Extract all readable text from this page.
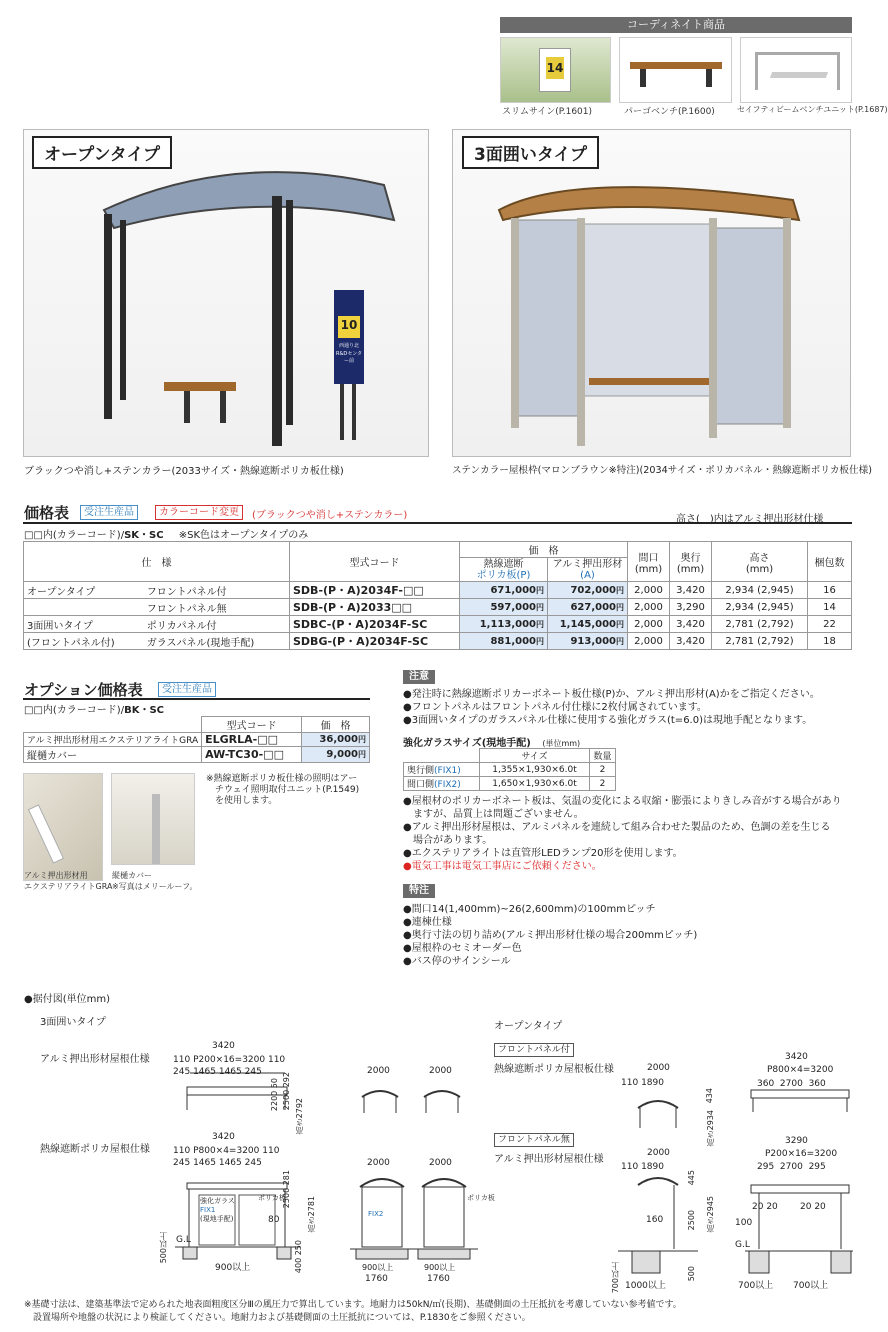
コーディネイト商品
14
スリムサイン(P.1601)	パーゴベンチ(P.1600)	セイフティビームベンチユニット(P.1687)
10
西通り北
R&Dセンター前
オープンタイプ
ブラックつや消し+ステンカラー(2033サイズ・熱線遮断ポリカ板仕様)
3面囲いタイプ
ステンカラー屋根枠(マロンブラウン※特注)(2034サイズ・ポリカパネル・熱線遮断ポリカ板仕様)
価格表	受注生産品	カラーコード変更	(ブラックつや消し+ステンカラー)	高さ(　)内はアルミ押出形材仕様
□□内(カラーコード)/SK・SC ※SK色はオープンタイプのみ
仕　様		型式コード	価　格		間口
(mm)	奥行
(mm)	高さ
(mm)	梱包数
			熱線遮断
ポリカ板(P)	アルミ押出形材
(A)				
オープンタイプ	フロントパネル付	SDB-(P・A)2034F-□□	671,000円	702,000円	2,000	3,420	2,934 (2,945)	16
	フロントパネル無	SDB-(P・A)2033□□	597,000円	627,000円	2,000	3,290	2,934 (2,945)	14
3面囲いタイプ	ポリカパネル付	SDBC-(P・A)2034F-SC	1,113,000円	1,145,000円	2,000	3,420	2,781 (2,792)	22
(フロントパネル付)	ガラスパネル(現地手配)	SDBG-(P・A)2034F-SC	881,000円	913,000円	2,000	3,420	2,781 (2,792)	18
オプション価格表	受注生産品
□□内(カラーコード)/BK・SC
	型式コード	価　格
アルミ押出形材用エクステリアライトGRA	ELGRLA-□□	36,000円
縦樋カバー	AW-TC30-□□	9,000円
※熱線遮断ポリカ板仕様の照明はアー
チウェイ照明取付ユニット(P.1549)
を使用します。
アルミ押出形材用
エクステリアライトGRA
縦樋カバー
※写真はメリールーフ。
注意
●発注時に熱線遮断ポリカーボネート板仕様(P)か、アルミ押出形材(A)かをご指定ください。
●フロントパネルはフロントパネル付仕様に2枚付属されています。
●3面囲いタイプのガラスパネル仕様に使用する強化ガラス(t=6.0)は現地手配となります。
強化ガラスサイズ(現地手配) (単位mm)
	サイズ	数量
奥行側(FIX1)	1,355×1,930×6.0t	2
間口側(FIX2)	1,650×1,930×6.0t	2
●屋根材のポリカーボネート板は、気温の変化による収縮・膨張によりきしみ音がする場合があり
　ますが、品質上は問題ございません。
●アルミ押出形材屋根は、アルミパネルを連続して組み合わせた製品のため、色調の差を生じる
　場合があります。
●エクステリアライトは直管形LEDランプ20形を使用します。
●電気工事は電気工事店にご依頼ください。
特注
●間口14(1,400mm)~26(2,600mm)の100mmピッチ
●連棟仕様
●奥行寸法の切り詰め(アルミ押出形材仕様の場合200mmピッチ)
●屋根枠のセミオーダー色
●バス停のサインシール
●据付図(単位mm)
3面囲いタイプ
アルミ押出形材屋根仕様
熱線遮断ポリカ屋根仕様
オープンタイプ
フロントパネル付
熱線遮断ポリカ屋根板仕様
フロントパネル無
アルミ押出形材屋根仕様
3420
110 P200×16=3200 110
245 1465 1465 245
2200 50
2500 292
高さ2792
2000	2000
3420
110 P800×4=3200 110
245 1465 1465 245
強化ガラス
FIX1
(現地手配)
ポリカ板
80
G.L
500以上
900以上
2500 281
400 250
高さ2781
2000	2000
FIX2
ポリカ板
900以上	900以上
1760	1760
2000
110 1890
434
高さ2934
3420
P800×4=3200
360 2700 360
2000
110 1890
445
160	2500 高さ2945
700以上	500
1000以上
3290
P200×16=3200
295 2700 295
20 20 20 20
100
G.L
700以上 700以上
※基礎寸法は、建築基準法で定められた地表面粗度区分Ⅲの風圧力で算出しています。地耐力は50kN/㎡(長期)、基礎側面の土圧抵抗を考慮していない参考値です。
　設置場所や地盤の状況により検証してください。地耐力および基礎側面の土圧抵抗については、P.1830をご参照ください。
